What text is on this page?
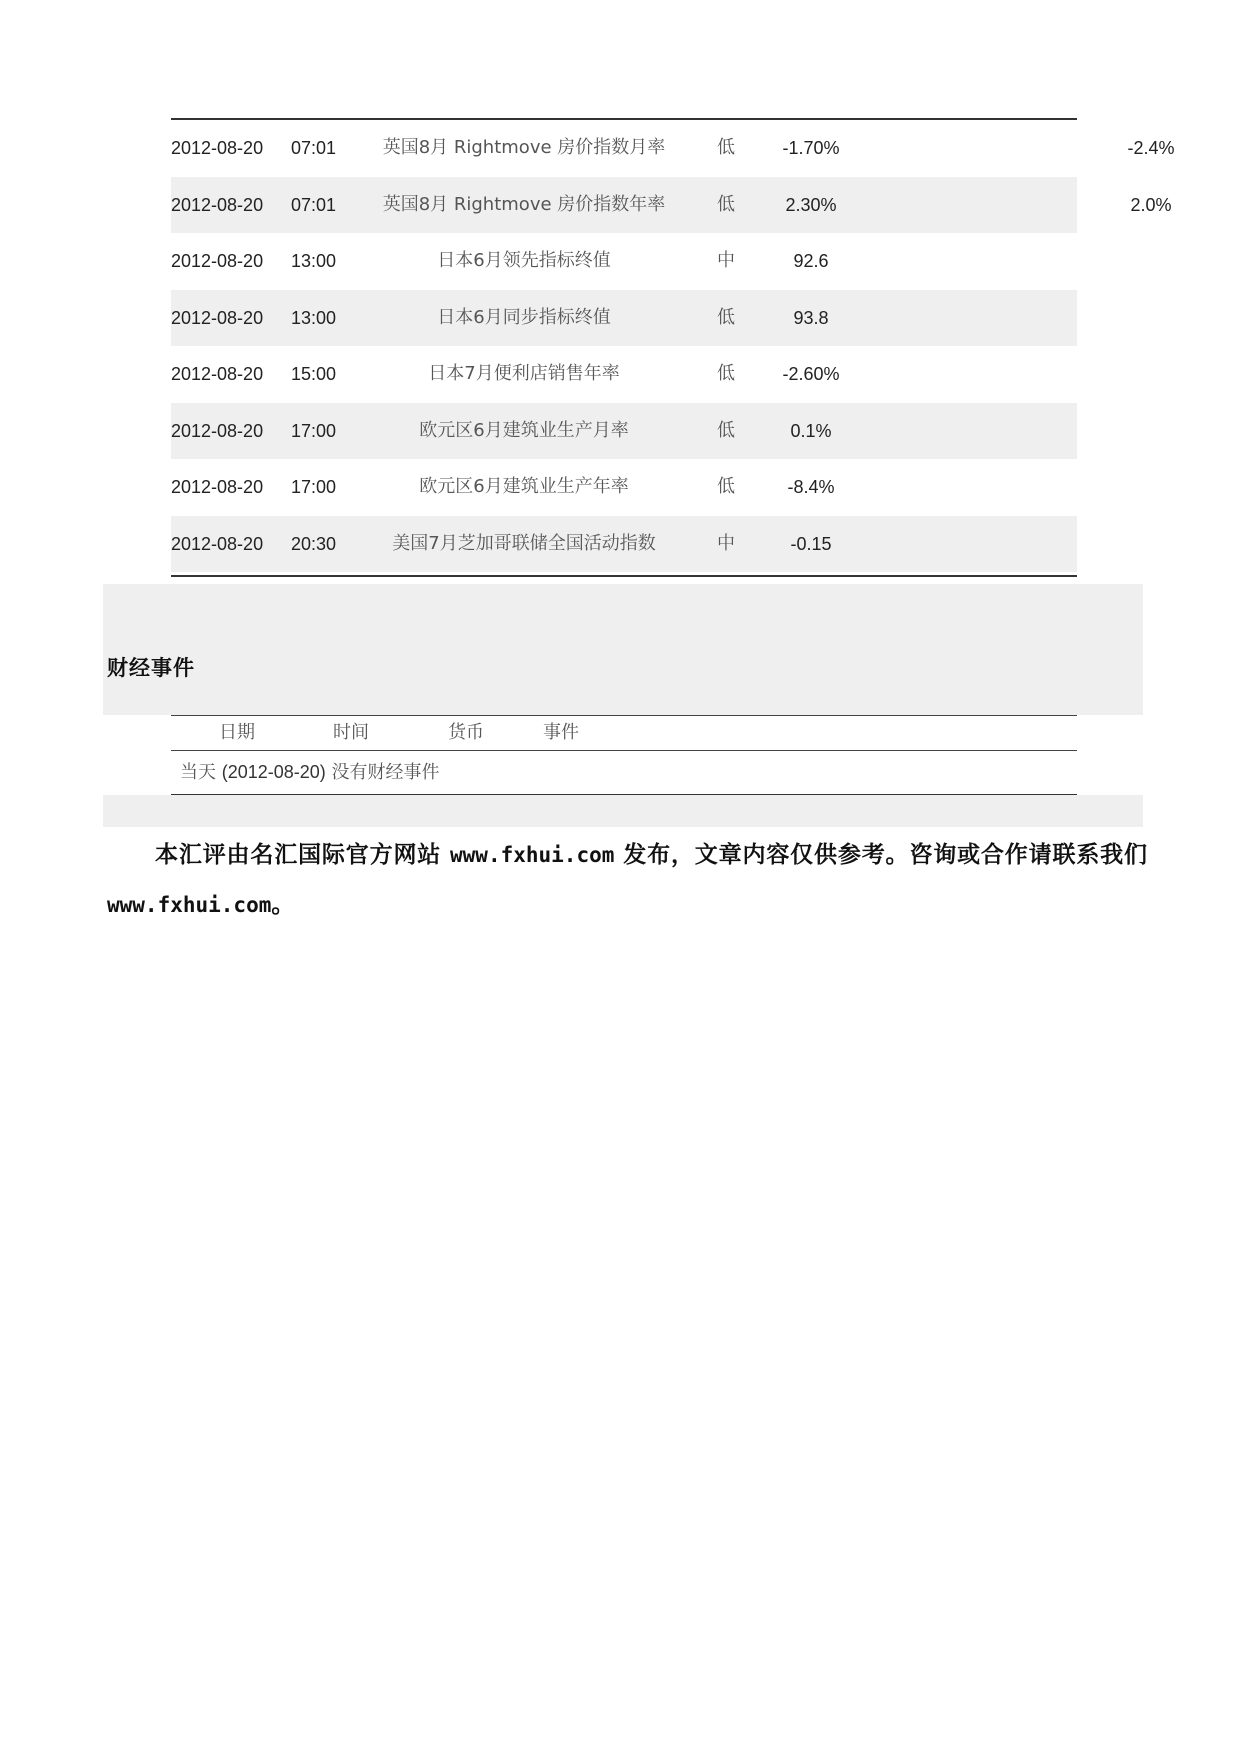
2012-08-20 07:01	英国8月 Rightmove 房价指数月率	低	-1.70%	-2.4%
2012-08-20 07:01	英国8月 Rightmove 房价指数年率	低	2.30%	2.0%
2012-08-20 13:00	日本6月领先指标终值	中	92.6
2012-08-20 13:00	日本6月同步指标终值	低	93.8
2012-08-20 15:00	日本7月便利店销售年率	低	-2.60%
2012-08-20 17:00	欧元区6月建筑业生产月率	低	0.1%
2012-08-20 17:00	欧元区6月建筑业生产年率	低	-8.4%
2012-08-20 20:30	美国7月芝加哥联储全国活动指数	中	-0.15
财经事件
日期	时间	货币	事件
当天 (2012-08-20) 没有财经事件
本汇评由名汇国际官方网站 www.fxhui.com 发布，文章内容仅供参考。咨询或合作请联系我们 www.fxhui.com。
